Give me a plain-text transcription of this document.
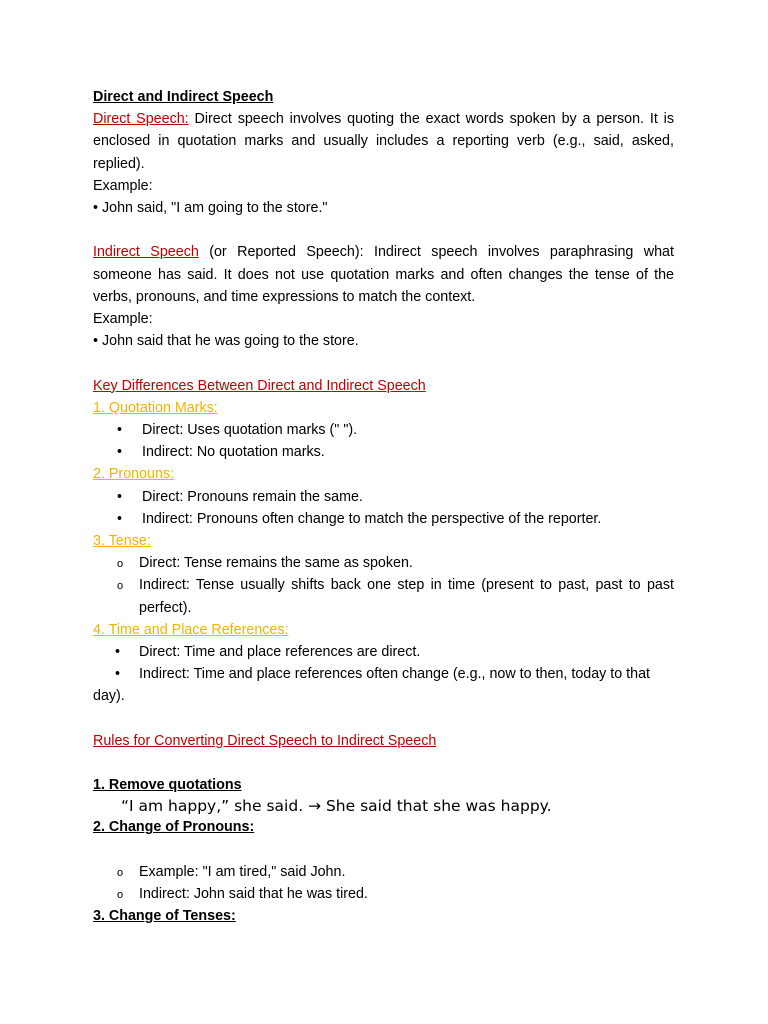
Direct and Indirect Speech

Direct Speech: Direct speech involves quoting the exact words spoken by a person. It is enclosed in quotation marks and usually includes a reporting verb (e.g., said, asked, replied).

Example:

• John said, "I am going to the store."

Indirect Speech (or Reported Speech): Indirect speech involves paraphrasing what someone has said. It does not use quotation marks and often changes the tense of the verbs, pronouns, and time expressions to match the context.

Example:

• John said that he was going to the store.

Key Differences Between Direct and Indirect Speech

1. Quotation Marks:

• Direct: Uses quotation marks (" ").

• Indirect: No quotation marks.

2. Pronouns:

• Direct: Pronouns remain the same.

• Indirect: Pronouns often change to match the perspective of the reporter.

3. Tense:

o Direct: Tense remains the same as spoken.

o Indirect: Tense usually shifts back one step in time (present to past, past to past perfect).

4. Time and Place References:

• Direct: Time and place references are direct.

• Indirect: Time and place references often change (e.g., now to then, today to that day).

Rules for Converting Direct Speech to Indirect Speech

1. Remove quotations

“I am happy,” she said. → She said that she was happy.

2. Change of Pronouns:

o Example: "I am tired," said John.

o Indirect: John said that he was tired.

3. Change of Tenses:
